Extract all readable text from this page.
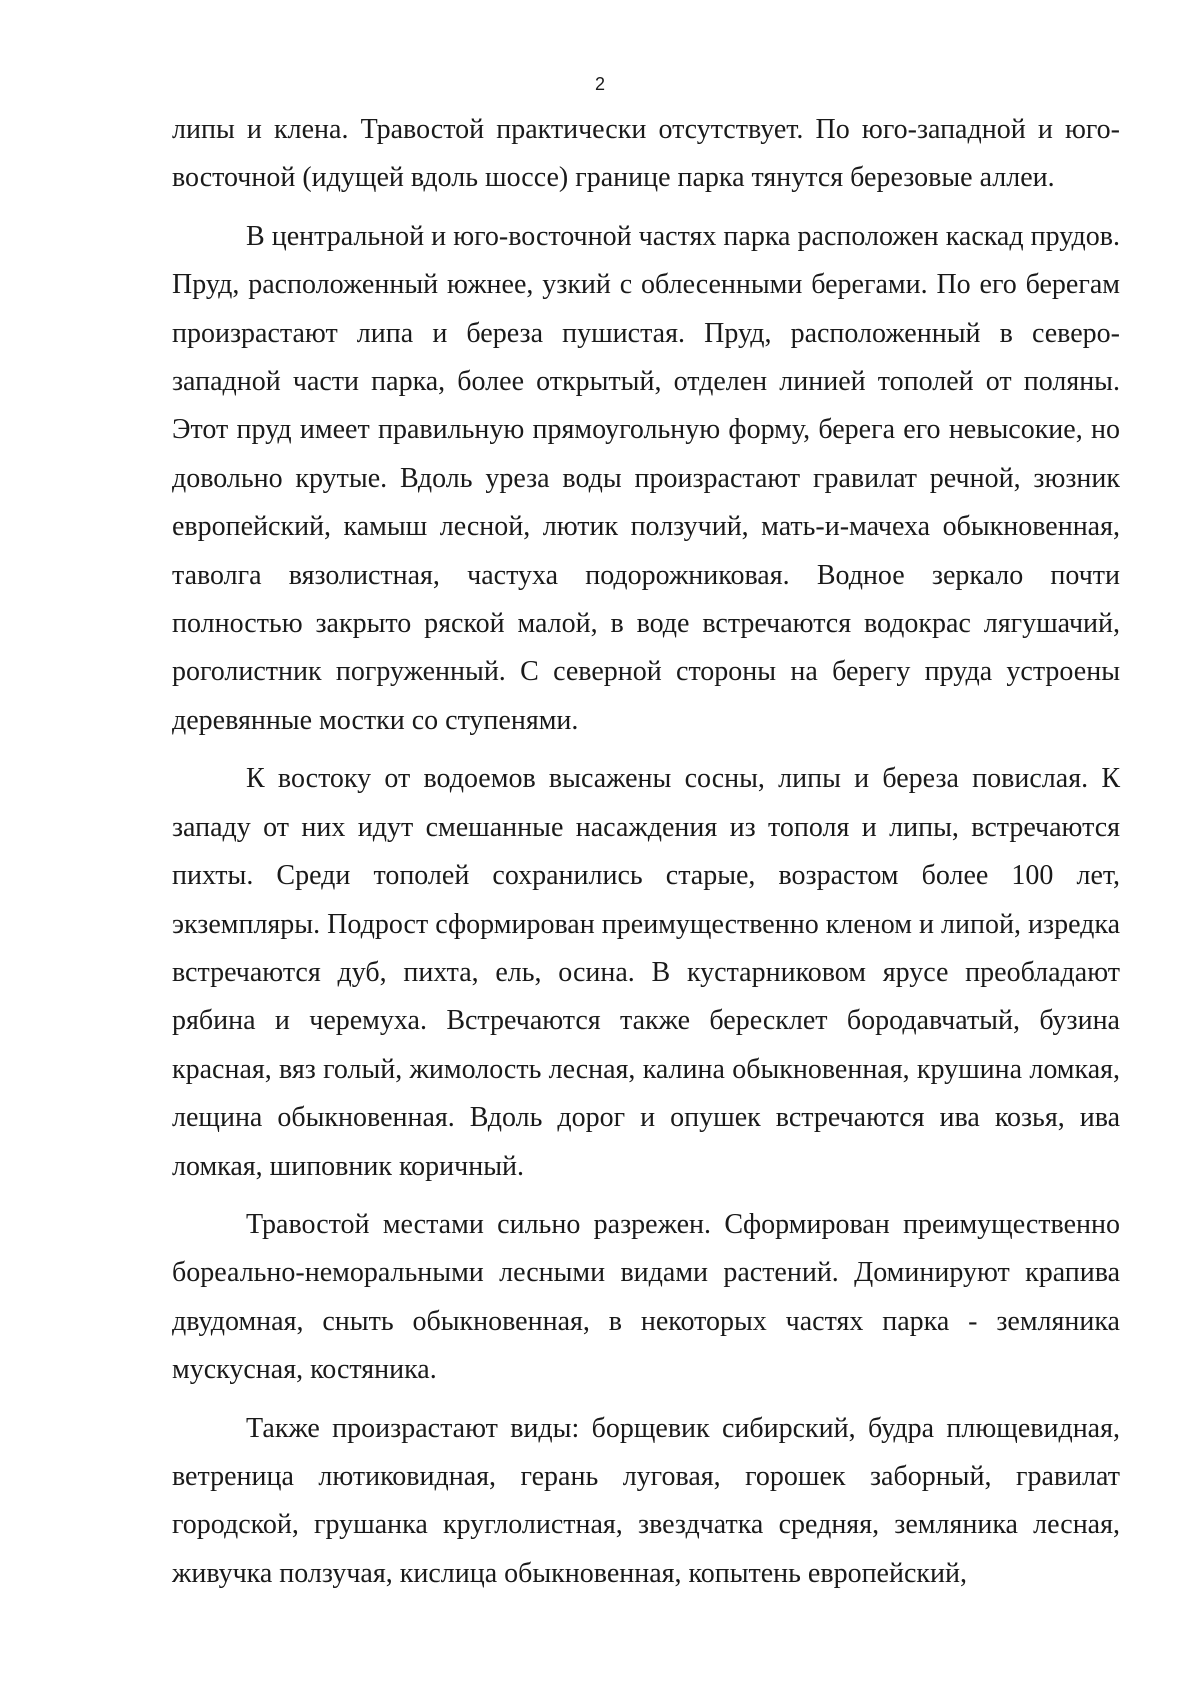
2

липы и клена. Травостой практически отсутствует. По юго-западной и юго-восточной (идущей вдоль шоссе) границе парка тянутся березовые аллеи.

В центральной и юго-восточной частях парка расположен каскад прудов. Пруд, расположенный южнее, узкий с облесенными берегами. По его берегам произрастают липа и береза пушистая. Пруд, расположенный в северо-западной части парка, более открытый, отделен линией тополей от поляны. Этот пруд имеет правильную прямоугольную форму, берега его невысокие, но довольно крутые. Вдоль уреза воды произрастают гравилат речной, зюзник европейский, камыш лесной, лютик ползучий, мать-и-мачеха обыкновенная, таволга вязолистная, частуха подорожниковая. Водное зеркало почти полностью закрыто ряской малой, в воде встречаются водокрас лягушачий, роголистник погруженный. С северной стороны на берегу пруда устроены деревянные мостки со ступенями.

К востоку от водоемов высажены сосны, липы и береза повислая. К западу от них идут смешанные насаждения из тополя и липы, встречаются пихты. Среди тополей сохранились старые, возрастом более 100 лет, экземпляры. Подрост сформирован преимущественно кленом и липой, изредка встречаются дуб, пихта, ель, осина. В кустарниковом ярусе преобладают рябина и черемуха. Встречаются также бересклет бородавчатый, бузина красная, вяз голый, жимолость лесная, калина обыкновенная, крушина ломкая, лещина обыкновенная. Вдоль дорог и опушек встречаются ива козья, ива ломкая, шиповник коричный.

Травостой местами сильно разрежен. Сформирован преимущественно бореально-неморальными лесными видами растений. Доминируют крапива двудомная, сныть обыкновенная, в некоторых частях парка - земляника мускусная, костяника.

Также произрастают виды: борщевик сибирский, будра плющевидная, ветреница лютиковидная, герань луговая, горошек заборный, гравилат городской, грушанка круглолистная, звездчатка средняя, земляника лесная, живучка ползучая, кислица обыкновенная, копытень европейский,
